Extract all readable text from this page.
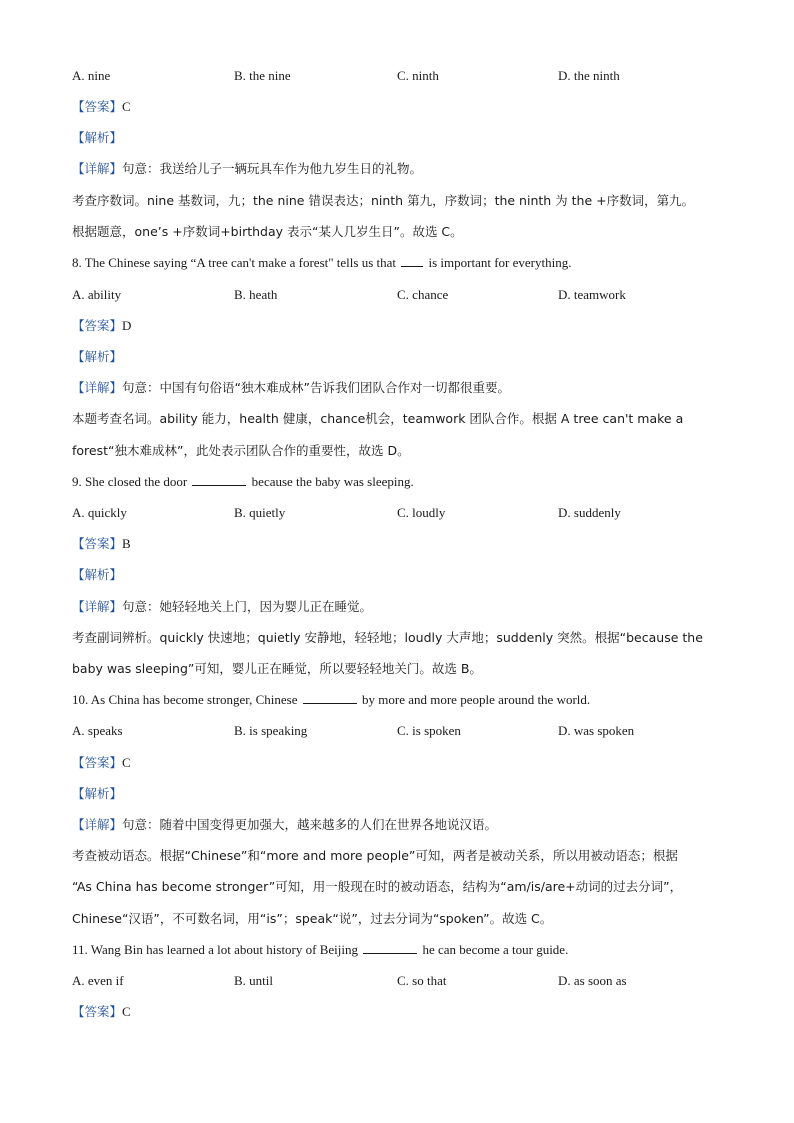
A. nine	B. the nine	C. ninth	D. the ninth
【答案】C
【解析】
【详解】句意：我送给儿子一辆玩具车作为他九岁生日的礼物。
考查序数词。nine 基数词，九；the nine 错误表达；ninth 第九，序数词；the ninth 为 the +序数词，第九。
根据题意，one’s +序数词+birthday 表示“某人几岁生日”。故选 C。
8. The Chinese saying “A tree can't make a forest" tells us that	is important for everything.
A. ability	B. heath	C. chance	D. teamwork
【答案】D
【解析】
【详解】句意：中国有句俗语“独木难成林”告诉我们团队合作对一切都很重要。
本题考查名词。ability 能力，health 健康，chance机会，teamwork 团队合作。根据 A tree can't make a
forest“独木难成林”，此处表示团队合作的重要性，故选 D。
9. She closed the door	because the baby was sleeping.
A. quickly	B. quietly	C. loudly	D. suddenly
【答案】B
【解析】
【详解】句意：她轻轻地关上门，因为婴儿正在睡觉。
考查副词辨析。quickly 快速地；quietly 安静地，轻轻地；loudly 大声地；suddenly 突然。根据“because the
baby was sleeping”可知，婴儿正在睡觉，所以要轻轻地关门。故选 B。
10. As China has become stronger, Chinese	by more and more people around the world.
A. speaks	B. is speaking	C. is spoken	D. was spoken
【答案】C
【解析】
【详解】句意：随着中国变得更加强大，越来越多的人们在世界各地说汉语。
考查被动语态。根据“Chinese”和“more and more people”可知，两者是被动关系，所以用被动语态；根据
“As China has become stronger”可知，用一般现在时的被动语态，结构为“am/is/are+动词的过去分词”，
Chinese“汉语”，不可数名词，用“is”；speak“说”，过去分词为“spoken”。故选 C。
11. Wang Bin has learned a lot about history of Beijing	he can become a tour guide.
A. even if	B. until	C. so that	D. as soon as
【答案】C
